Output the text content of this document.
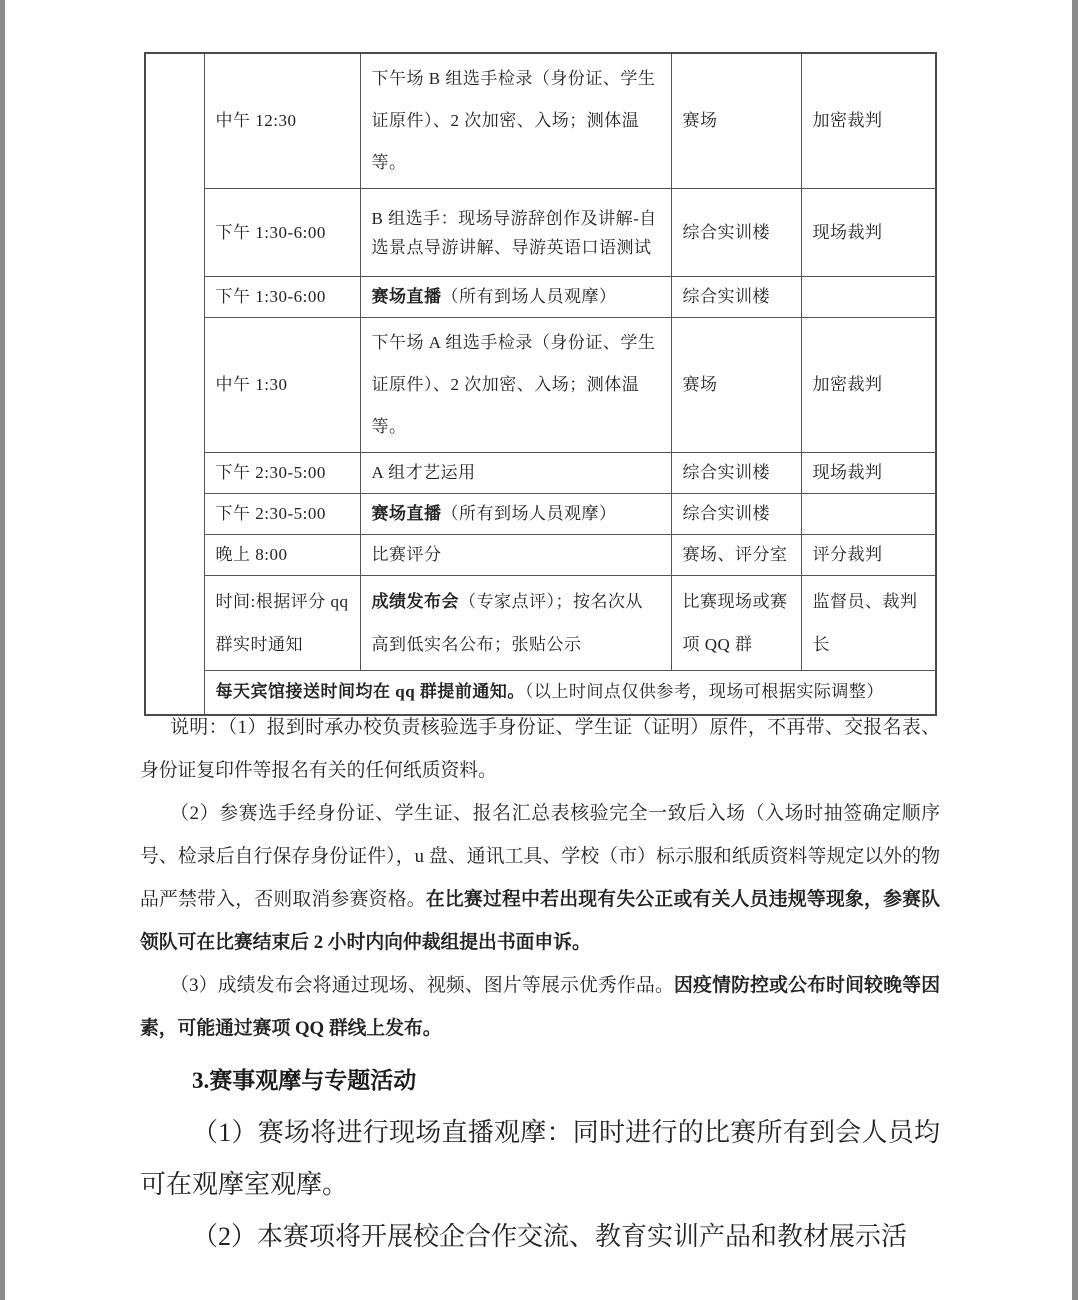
	中午 12:30	下午场 B 组选手检录（身份证、学生证原件）、2 次加密、入场；测体温等。	赛场	加密裁判
	下午 1:30-6:00	B 组选手：现场导游辞创作及讲解-自选景点导游讲解、导游英语口语测试	综合实训楼	现场裁判
	下午 1:30-6:00	赛场直播（所有到场人员观摩）	综合实训楼	
	中午 1:30	下午场 A 组选手检录（身份证、学生证原件）、2 次加密、入场；测体温等。	赛场	加密裁判
	下午 2:30-5:00	A 组才艺运用	综合实训楼	现场裁判
	下午 2:30-5:00	赛场直播（所有到场人员观摩）	综合实训楼	
	晚上 8:00	比赛评分	赛场、评分室	评分裁判
	时间:根据评分 qq 群实时通知	成绩发布会（专家点评）；按名次从高到低实名公布；张贴公示	比赛现场或赛项 QQ 群	监督员、裁判长
	每天宾馆接送时间均在 qq 群提前通知。（以上时间点仅供参考，现场可根据实际调整）			

说明：（1）报到时承办校负责核验选手身份证、学生证（证明）原件，不再带、交报名表、身份证复印件等报名有关的任何纸质资料。

（2）参赛选手经身份证、学生证、报名汇总表核验完全一致后入场（入场时抽签确定顺序号、检录后自行保存身份证件），u 盘、通讯工具、学校（市）标示服和纸质资料等规定以外的物品严禁带入，否则取消参赛资格。在比赛过程中若出现有失公正或有关人员违规等现象，参赛队领队可在比赛结束后 2 小时内向仲裁组提出书面申诉。

（3）成绩发布会将通过现场、视频、图片等展示优秀作品。因疫情防控或公布时间较晚等因素，可能通过赛项 QQ 群线上发布。

3.赛事观摩与专题活动

（1）赛场将进行现场直播观摩：同时进行的比赛所有到会人员均可在观摩室观摩。

（2）本赛项将开展校企合作交流、教育实训产品和教材展示活
